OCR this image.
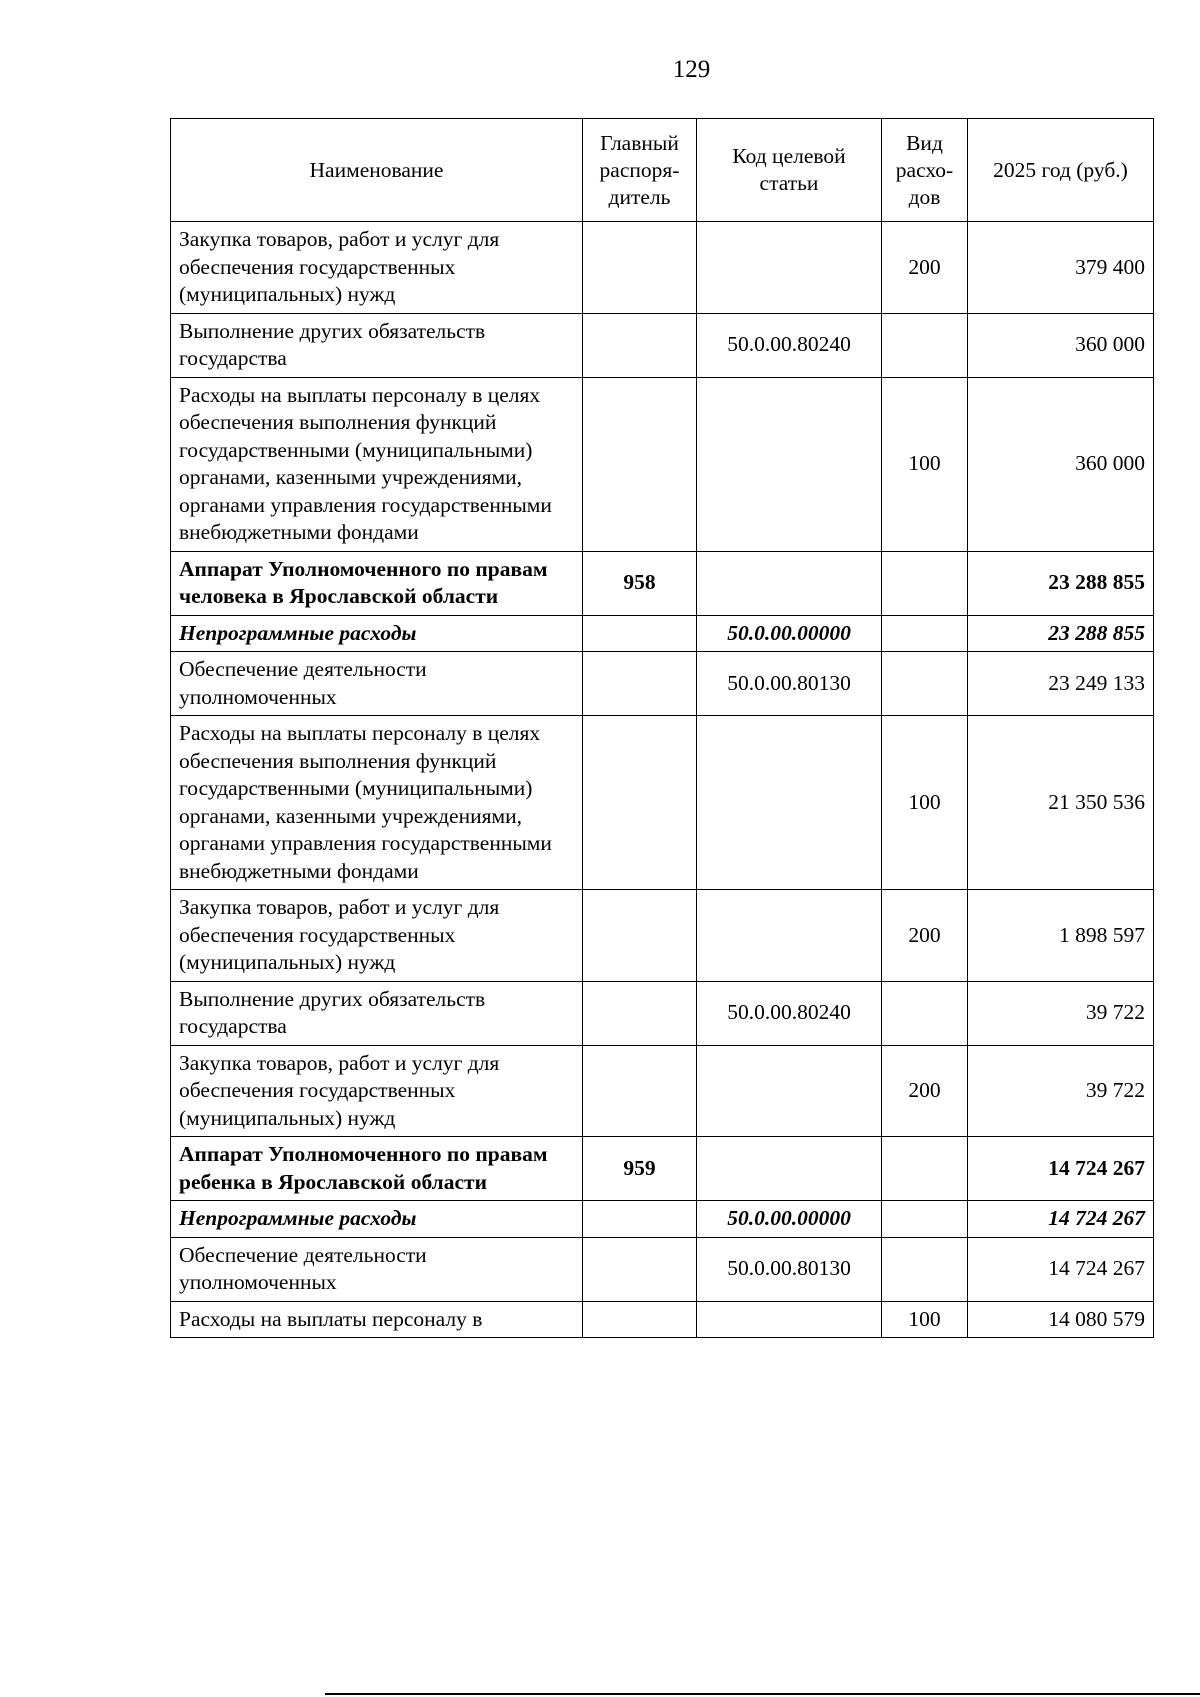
129
Наименование	Главный распоря-дитель	Код целевой статьи	Вид расхо-дов	2025 год (руб.)
Закупка товаров, работ и услуг для обеспечения государственных (муниципальных) нужд			200	379 400
Выполнение других обязательств государства		50.0.00.80240		360 000
Расходы на выплаты персоналу в целях обеспечения выполнения функций государственными (муниципальными) органами, казенными учреждениями, органами управления государственными внебюджетными фондами			100	360 000
Аппарат Уполномоченного по правам человека в Ярославской области	958			23 288 855
Непрограммные расходы		50.0.00.00000		23 288 855
Обеспечение деятельности уполномоченных		50.0.00.80130		23 249 133
Расходы на выплаты персоналу в целях обеспечения выполнения функций государственными (муниципальными) органами, казенными учреждениями, органами управления государственными внебюджетными фондами			100	21 350 536
Закупка товаров, работ и услуг для обеспечения государственных (муниципальных) нужд			200	1 898 597
Выполнение других обязательств государства		50.0.00.80240		39 722
Закупка товаров, работ и услуг для обеспечения государственных (муниципальных) нужд			200	39 722
Аппарат Уполномоченного по правам ребенка в Ярославской области	959			14 724 267
Непрограммные расходы		50.0.00.00000		14 724 267
Обеспечение деятельности уполномоченных		50.0.00.80130		14 724 267
Расходы на выплаты персоналу в			100	14 080 579
